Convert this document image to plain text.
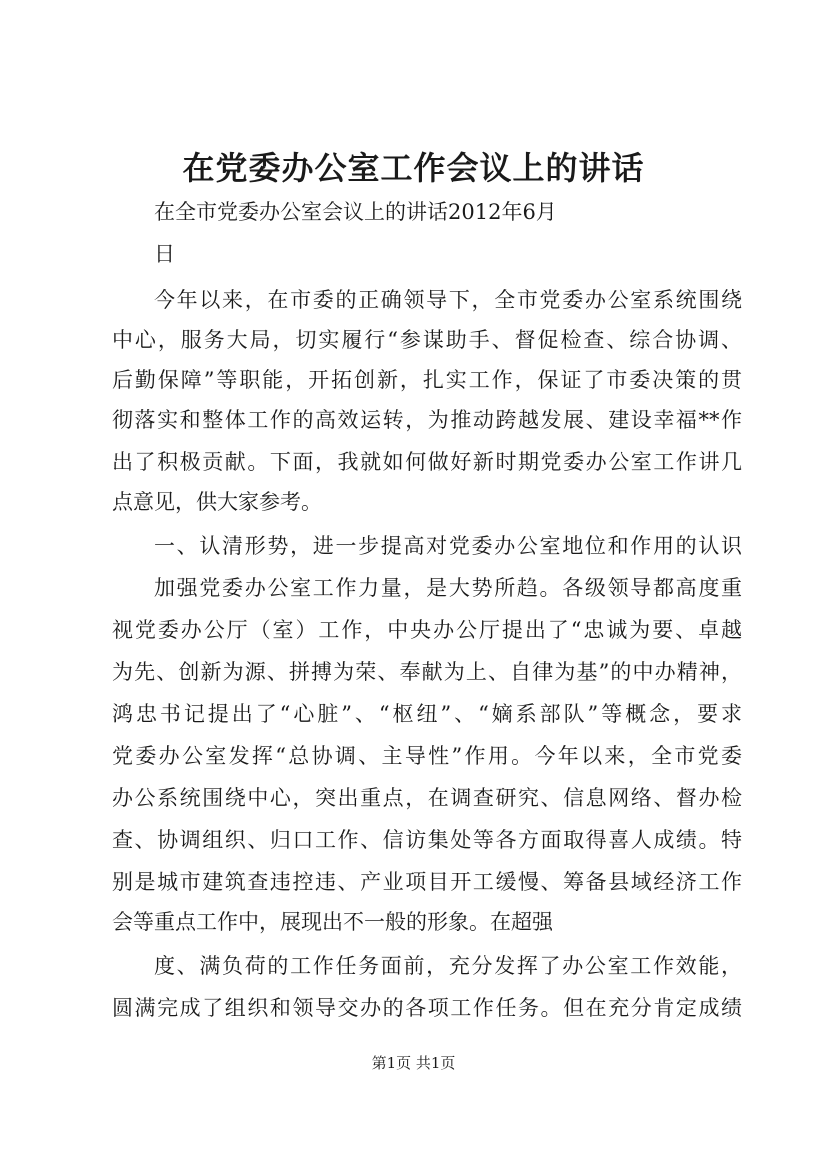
在党委办公室工作会议上的讲话
在全市党委办公室会议上的讲话2012年6月
日
今年以来，在市委的正确领导下，全市党委办公室系统围绕
中心，服务大局，切实履行“参谋助手、督促检查、综合协调、
后勤保障”等职能，开拓创新，扎实工作，保证了市委决策的贯
彻落实和整体工作的高效运转，为推动跨越发展、建设幸福**作
出了积极贡献。下面，我就如何做好新时期党委办公室工作讲几
点意见，供大家参考。
一、认清形势，进一步提高对党委办公室地位和作用的认识
加强党委办公室工作力量，是大势所趋。各级领导都高度重
视党委办公厅（室）工作，中央办公厅提出了“忠诚为要、卓越
为先、创新为源、拼搏为荣、奉献为上、自律为基”的中办精神，
鸿忠书记提出了“心脏”、“枢纽”、“嫡系部队”等概念，要求
党委办公室发挥“总协调、主导性”作用。今年以来，全市党委
办公系统围绕中心，突出重点，在调查研究、信息网络、督办检
查、协调组织、归口工作、信访集处等各方面取得喜人成绩。特
别是城市建筑查违控违、产业项目开工缓慢、筹备县域经济工作
会等重点工作中，展现出不一般的形象。在超强
度、满负荷的工作任务面前，充分发挥了办公室工作效能，
圆满完成了组织和领导交办的各项工作任务。但在充分肯定成绩
第1页 共1页
